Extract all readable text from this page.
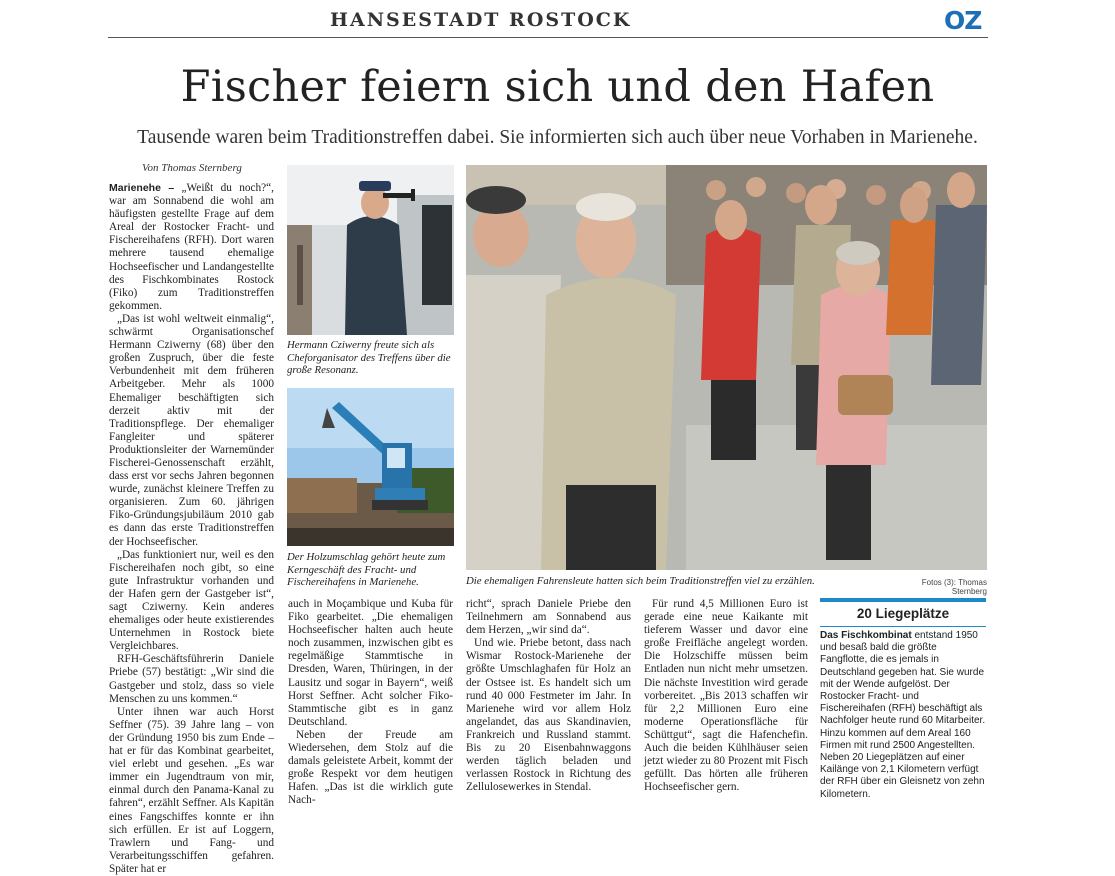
HANSESTADT ROSTOCK	OZ
Fischer feiern sich und den Hafen
Tausende waren beim Traditionstreffen dabei. Sie informierten sich auch über neue Vorhaben in Marienehe.
Von Thomas Sternberg

Marienehe – „Weißt du noch?“, war am Sonnabend die wohl am häufigsten gestellte Frage auf dem Areal der Rostocker Fracht- und Fischereihafens (RFH). Dort waren mehrere tausend ehemalige Hochseefischer und Landangestellte des Fischkombinates Rostock (Fiko) zum Traditionstreffen gekommen.

„Das ist wohl weltweit einmalig“, schwärmt Organisationschef Hermann Cziwerny (68) über den großen Zuspruch, über die feste Verbundenheit mit dem früheren Arbeitgeber. Mehr als 1000 Ehemaliger beschäftigten sich derzeit aktiv mit der Traditionspflege. Der ehemaliger Fangleiter und späterer Produktionsleiter der Warnemünder Fischerei-Genossenschaft erzählt, dass erst vor sechs Jahren begonnen wurde, zunächst kleinere Treffen zu organisieren. Zum 60. jährigen Fiko-Gründungsjubiläum 2010 gab es dann das erste Traditionstreffen der Hochseefischer.

„Das funktioniert nur, weil es den Fischereihafen noch gibt, so eine gute Infrastruktur vorhanden und der Hafen gern der Gastgeber ist“, sagt Cziwerny. Kein anderes ehemaliges oder heute existierendes Unternehmen in Rostock biete Vergleichbares.

RFH-Geschäftsführerin Daniele Priebe (57) bestätigt: „Wir sind die Gastgeber und stolz, dass so viele Menschen zu uns kommen.“

Unter ihnen war auch Horst Seffner (75). 39 Jahre lang – von der Gründung 1950 bis zum Ende – hat er für das Kombinat gearbeitet, viel erlebt und gesehen. „Es war immer ein Jugendtraum von mir, einmal durch den Panama-Kanal zu fahren“, erzählt Seffner. Als Kapitän eines Fangschiffes konnte er ihn sich erfüllen. Er ist auf Loggern, Trawlern und Fang- und Verarbeitungsschiffen gefahren. Später hat er

Hermann Cziwerny freute sich als Cheforganisator des Treffens über die große Resonanz.
Der Holzumschlag gehört heute zum Kerngeschäft des Fracht- und Fischereihafens in Marienehe.	Die ehemaligen Fahrensleute hatten sich beim Traditionstreffen viel zu erzählen.	Fotos (3): Thomas Sternberg

auch in Moçambique und Kuba für Fiko gearbeitet. „Die ehemaligen Hochseefischer halten auch heute noch zusammen, inzwischen gibt es regelmäßige Stammtische in Dresden, Waren, Thüringen, in der Lausitz und sogar in Bayern“, weiß Horst Seffner. Acht solcher Fiko-Stammtische gibt es in ganz Deutschland.

Neben der Freude am Wiedersehen, dem Stolz auf die damals geleistete Arbeit, kommt der große Respekt vor dem heutigen Hafen. „Das ist die wirklich gute Nach-

richt“, sprach Daniele Priebe den Teilnehmern am Sonnabend aus dem Herzen, „wir sind da“.

Und wie. Priebe betont, dass nach Wismar Rostock-Marienehe der größte Umschlaghafen für Holz an der Ostsee ist. Es handelt sich um rund 40 000 Festmeter im Jahr. In Marienehe wird vor allem Holz angelandet, das aus Skandinavien, Frankreich und Russland stammt. Bis zu 20 Eisenbahnwaggons werden täglich beladen und verlassen Rostock in Richtung des Zellulosewerkes in Stendal.

Für rund 4,5 Millionen Euro ist gerade eine neue Kaikante mit tieferem Wasser und davor eine große Freifläche angelegt worden. Die Holzschiffe müssen beim Entladen nun nicht mehr umsetzen. Die nächste Investition wird gerade vorbereitet. „Bis 2013 schaffen wir für 2,2 Millionen Euro eine moderne Operationsfläche für Schüttgut“, sagt die Hafenchefin. Auch die beiden Kühlhäuser seien jetzt wieder zu 80 Prozent mit Fisch gefüllt. Das hörten alle früheren Hochseefischer gern.

20 Liegeplätze
Das Fischkombinat entstand 1950 und besaß bald die größte Fangflotte, die es jemals in Deutschland gegeben hat. Sie wurde mit der Wende aufgelöst. Der Rostocker Fracht- und Fischereihafen (RFH) beschäftigt als Nachfolger heute rund 60 Mitarbeiter. Hinzu kommen auf dem Areal 160 Firmen mit rund 2500 Angestellten. Neben 20 Liegeplätzen auf einer Kailänge von 2,1 Kilometern verfügt der RFH über ein Gleisnetz von zehn Kilometern.
